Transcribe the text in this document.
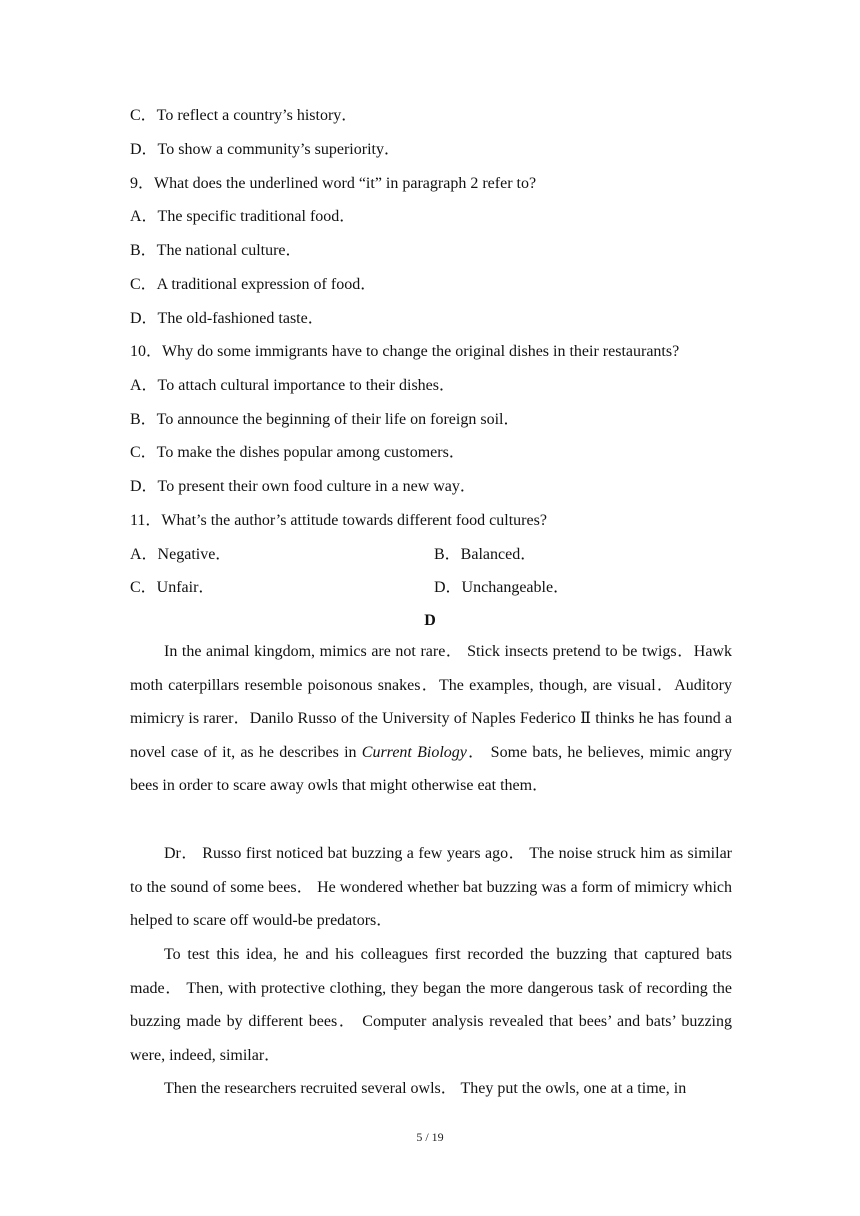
C．To reflect a country’s history．
D．To show a community’s superiority．
9．What does the underlined word “it” in paragraph 2 refer to?
A．The specific traditional food．
B．The national culture．
C．A traditional expression of food．
D．The old-fashioned taste．
10．Why do some immigrants have to change the original dishes in their restaurants?
A．To attach cultural importance to their dishes．
B．To announce the beginning of their life on foreign soil．
C．To make the dishes popular among customers．
D．To present their own food culture in a new way．
11．What’s the author’s attitude towards different food cultures?
A．Negative．	B．Balanced．
C．Unfair．	D．Unchangeable．
D
In the animal kingdom, mimics are not rare． Stick insects pretend to be twigs．Hawk moth caterpillars resemble poisonous snakes．The examples, though, are visual．Auditory mimicry is rarer．Danilo Russo of the University of Naples Federico Ⅱ thinks he has found a novel case of it, as he describes in Current Biology． Some bats, he believes, mimic angry bees in order to scare away owls that might otherwise eat them．
Dr． Russo first noticed bat buzzing a few years ago． The noise struck him as similar to the sound of some bees． He wondered whether bat buzzing was a form of mimicry which helped to scare off would-be predators．
To test this idea, he and his colleagues first recorded the buzzing that captured bats made． Then, with protective clothing, they began the more dangerous task of recording the buzzing made by different bees． Computer analysis revealed that bees’ and bats’ buzzing were, indeed, similar．
Then the researchers recruited several owls． They put the owls, one at a time, in
5 / 19
